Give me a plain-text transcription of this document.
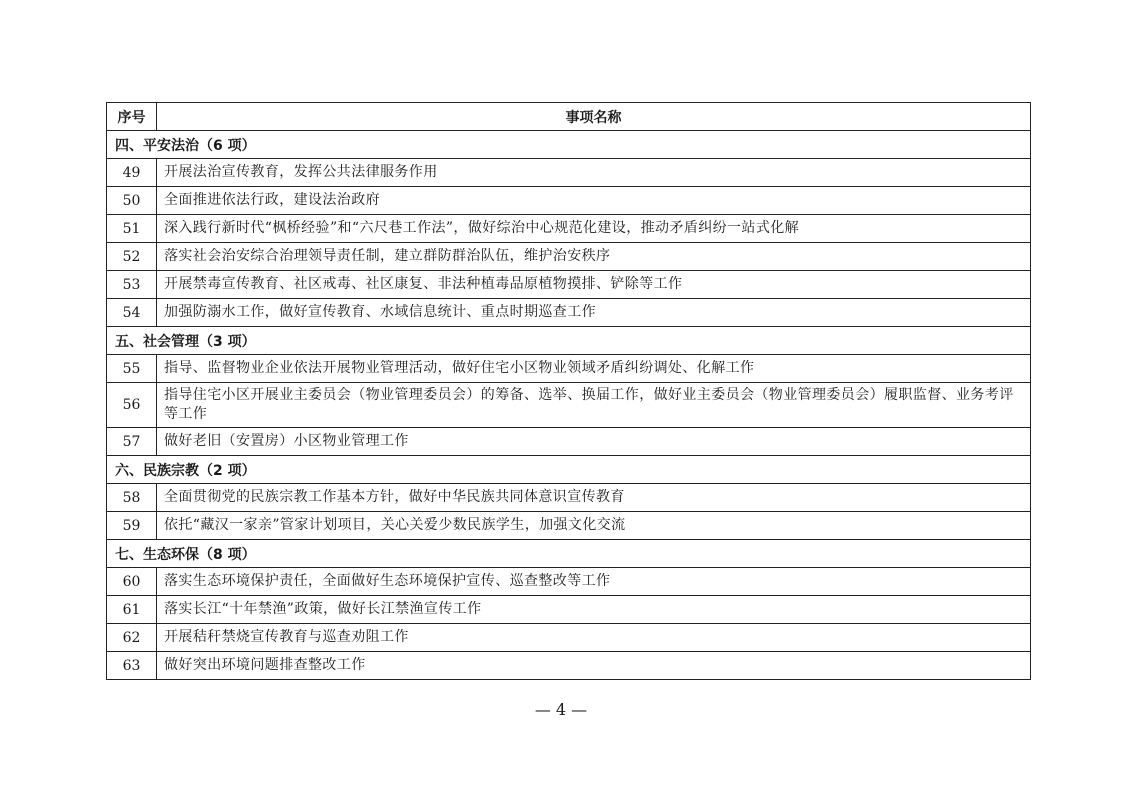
序号	事项名称
四、平安法治（6 项）	
49	开展法治宣传教育，发挥公共法律服务作用
50	全面推进依法行政，建设法治政府
51	深入践行新时代“枫桥经验”和“六尺巷工作法”，做好综治中心规范化建设，推动矛盾纠纷一站式化解
52	落实社会治安综合治理领导责任制，建立群防群治队伍，维护治安秩序
53	开展禁毒宣传教育、社区戒毒、社区康复、非法种植毒品原植物摸排、铲除等工作
54	加强防溺水工作，做好宣传教育、水域信息统计、重点时期巡查工作
五、社会管理（3 项）	
55	指导、监督物业企业依法开展物业管理活动，做好住宅小区物业领域矛盾纠纷调处、化解工作
56	指导住宅小区开展业主委员会（物业管理委员会）的筹备、选举、换届工作，做好业主委员会（物业管理委员会）履职监督、业务考评等工作
57	做好老旧（安置房）小区物业管理工作
六、民族宗教（2 项）	
58	全面贯彻党的民族宗教工作基本方针，做好中华民族共同体意识宣传教育
59	依托“藏汉一家亲”管家计划项目，关心关爱少数民族学生，加强文化交流
七、生态环保（8 项）	
60	落实生态环境保护责任，全面做好生态环境保护宣传、巡查整改等工作
61	落实长江“十年禁渔”政策，做好长江禁渔宣传工作
62	开展秸秆禁烧宣传教育与巡查劝阻工作
63	做好突出环境问题排查整改工作
— 4 —
